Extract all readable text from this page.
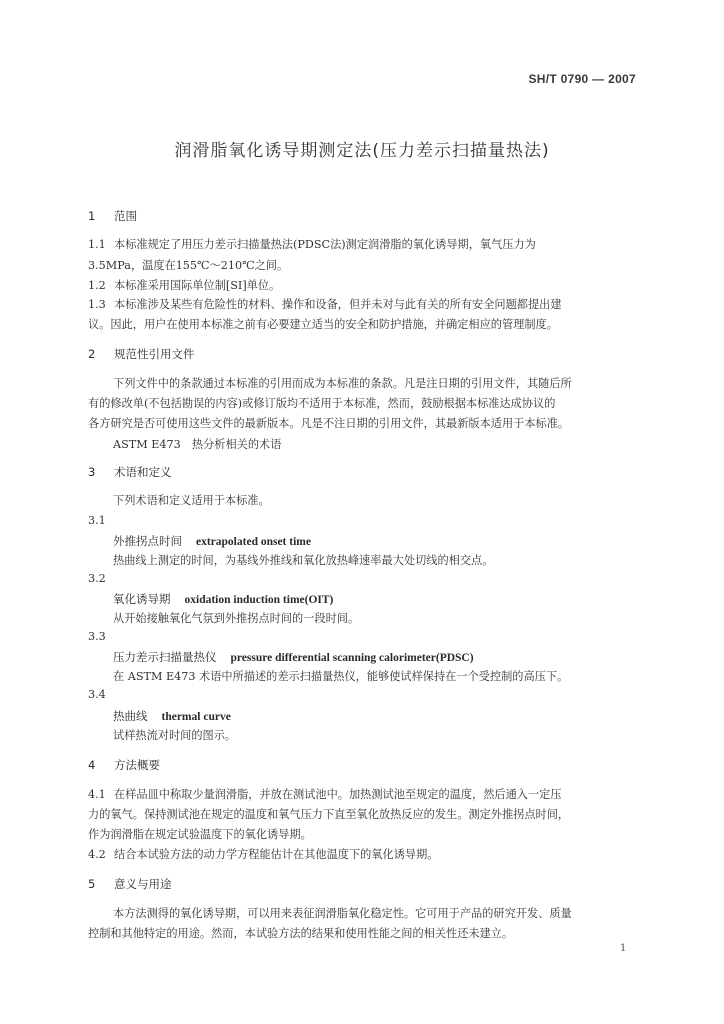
SH/T 0790 — 2007
润滑脂氧化诱导期测定法(压力差示扫描量热法)
1 范围
1.1 本标准规定了用压力差示扫描量热法(PDSC法)测定润滑脂的氧化诱导期，氧气压力为
3.5MPa，温度在155℃～210℃之间。
1.2 本标准采用国际单位制[SI]单位。
1.3 本标准涉及某些有危险性的材料、操作和设备，但并未对与此有关的所有安全问题都提出建
议。因此，用户在使用本标准之前有必要建立适当的安全和防护措施，并确定相应的管理制度。
2 规范性引用文件
下列文件中的条款通过本标准的引用而成为本标准的条款。凡是注日期的引用文件，其随后所
有的修改单(不包括勘误的内容)或修订版均不适用于本标准，然而，鼓励根据本标准达成协议的
各方研究是否可使用这些文件的最新版本。凡是不注日期的引用文件，其最新版本适用于本标准。
ASTM E473　热分析相关的术语
3 术语和定义
下列术语和定义适用于本标准。
3.1
外推拐点时间 extrapolated onset time
热曲线上测定的时间，为基线外推线和氧化放热峰速率最大处切线的相交点。
3.2
氧化诱导期 oxidation induction time(OIT)
从开始接触氧化气氛到外推拐点时间的一段时间。
3.3
压力差示扫描量热仪 pressure differential scanning calorimeter(PDSC)
在 ASTM E473 术语中所描述的差示扫描量热仪，能够使试样保持在一个受控制的高压下。
3.4
热曲线 thermal curve
试样热流对时间的图示。
4 方法概要
4.1 在样品皿中称取少量润滑脂，并放在测试池中。加热测试池至规定的温度，然后通入一定压
力的氧气。保持测试池在规定的温度和氧气压力下直至氧化放热反应的发生。测定外推拐点时间，
作为润滑脂在规定试验温度下的氧化诱导期。
4.2 结合本试验方法的动力学方程能估计在其他温度下的氧化诱导期。
5 意义与用途
本方法测得的氧化诱导期，可以用来表征润滑脂氧化稳定性。它可用于产品的研究开发、质量
控制和其他特定的用途。然而，本试验方法的结果和使用性能之间的相关性还未建立。
1
